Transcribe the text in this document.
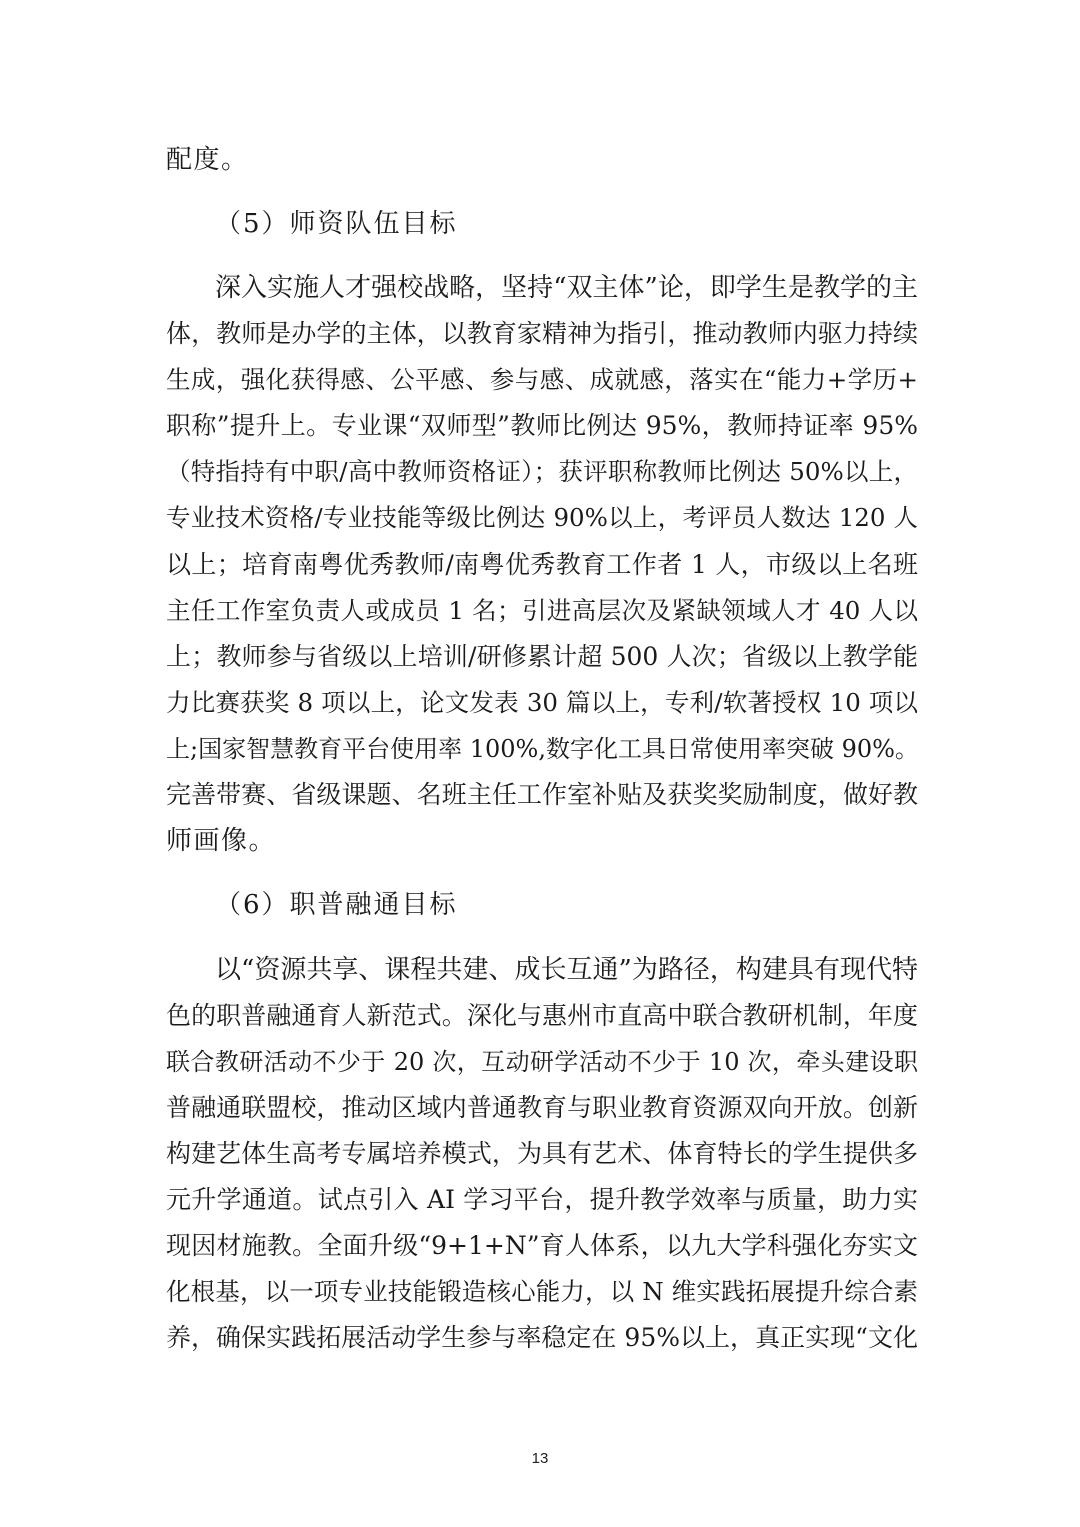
配度。
（5）师资队伍目标
深入实施人才强校战略，坚持“双主体”论，即学生是教学的主
体，教师是办学的主体，以教育家精神为指引，推动教师内驱力持续
生成，强化获得感、公平感、参与感、成就感，落实在“能力+学历+
职称”提升上。专业课“双师型”教师比例达 95%，教师持证率 95%
（特指持有中职/高中教师资格证）；获评职称教师比例达 50%以上，
专业技术资格/专业技能等级比例达 90%以上，考评员人数达 120 人
以上；培育南粤优秀教师/南粤优秀教育工作者 1 人，市级以上名班
主任工作室负责人或成员 1 名；引进高层次及紧缺领域人才 40 人以
上；教师参与省级以上培训/研修累计超 500 人次；省级以上教学能
力比赛获奖 8 项以上，论文发表 30 篇以上，专利/软著授权 10 项以
上;国家智慧教育平台使用率 100%,数字化工具日常使用率突破 90%。
完善带赛、省级课题、名班主任工作室补贴及获奖奖励制度，做好教
师画像。
（6）职普融通目标
以“资源共享、课程共建、成长互通”为路径，构建具有现代特
色的职普融通育人新范式。深化与惠州市直高中联合教研机制，年度
联合教研活动不少于 20 次，互动研学活动不少于 10 次，牵头建设职
普融通联盟校，推动区域内普通教育与职业教育资源双向开放。创新
构建艺体生高考专属培养模式，为具有艺术、体育特长的学生提供多
元升学通道。试点引入 AI 学习平台，提升教学效率与质量，助力实
现因材施教。全面升级“9+1+N”育人体系，以九大学科强化夯实文
化根基，以一项专业技能锻造核心能力，以 N 维实践拓展提升综合素
养，确保实践拓展活动学生参与率稳定在 95%以上，真正实现“文化
13
